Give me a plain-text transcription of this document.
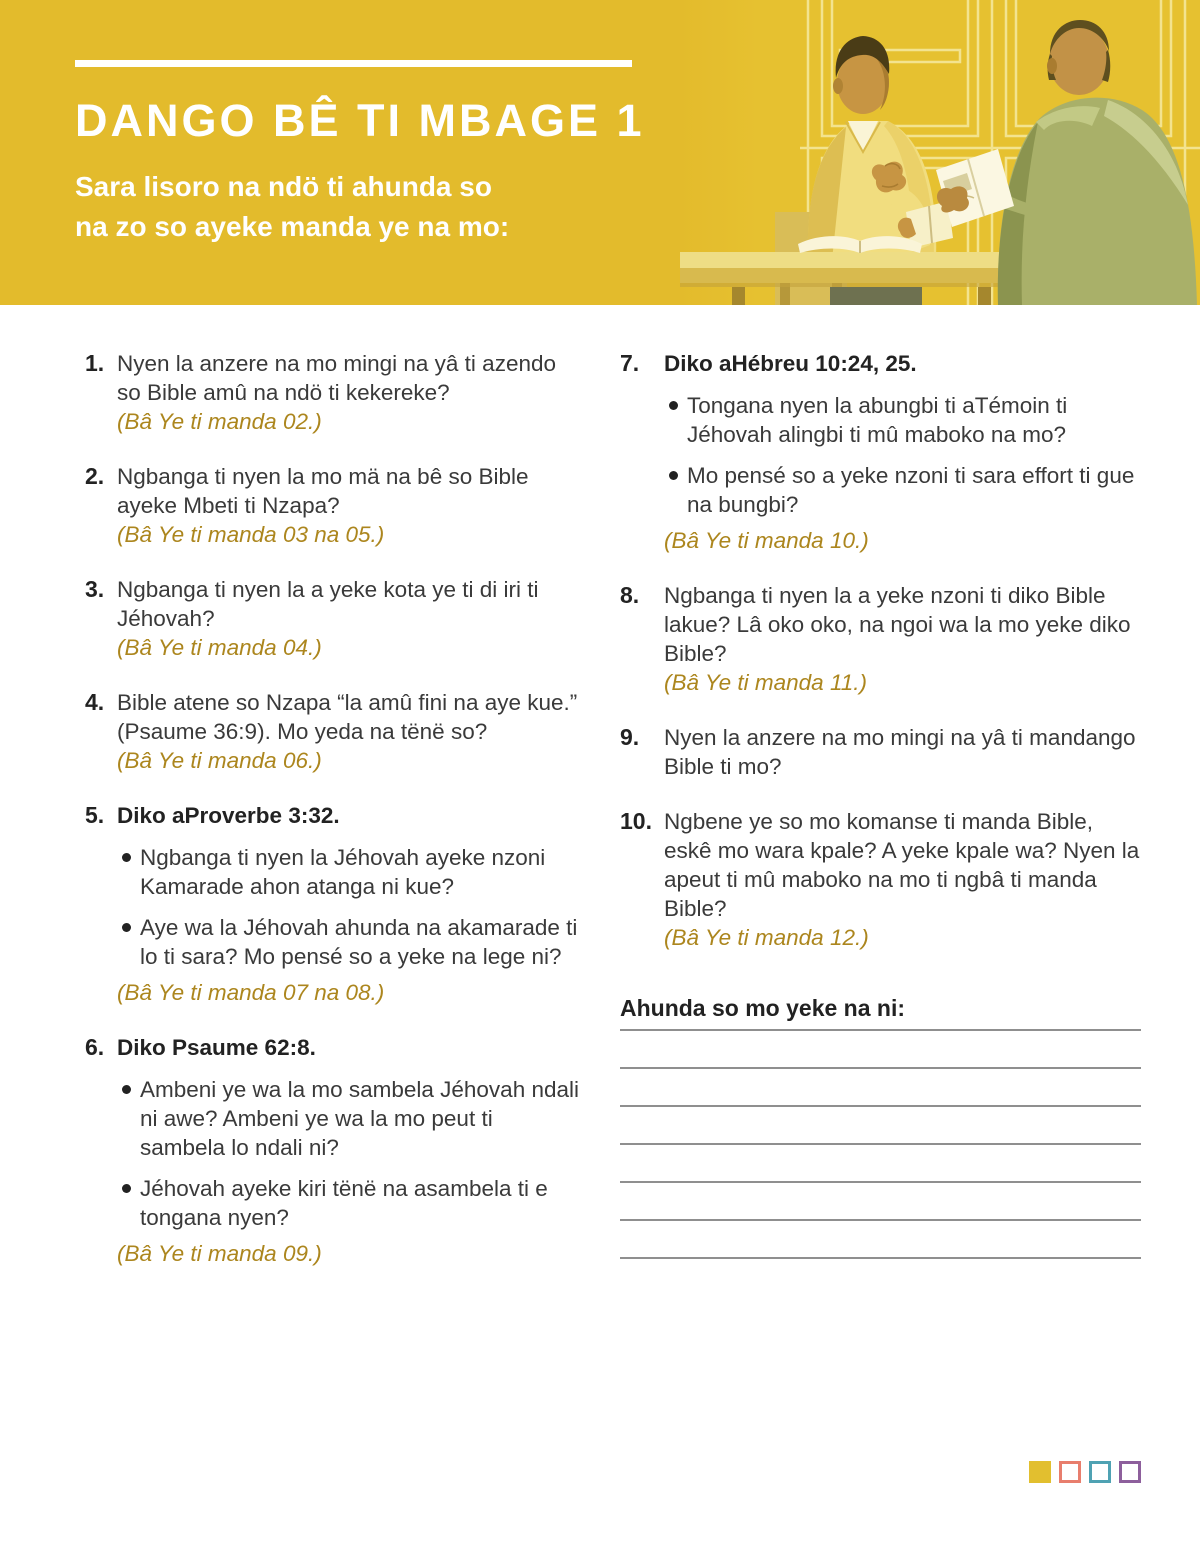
DANGO BÊ TI MBAGE 1

Sara lisoro na ndö ti ahunda so
na zo so ayeke manda ye na mo:

1. Nyen la anzere na mo mingi na yâ ti azendo so Bible amû na ndö ti kekereke?

(Bâ Ye ti manda 02.)

2. Ngbanga ti nyen la mo mä na bê so Bible ayeke Mbeti ti Nzapa?

(Bâ Ye ti manda 03 na 05.)

3. Ngbanga ti nyen la a yeke kota ye ti di iri ti Jéhovah?

(Bâ Ye ti manda 04.)

4. Bible atene so Nzapa “la amû fini na aye kue.” (Psaume 36:9). Mo yeda na tënë so?

(Bâ Ye ti manda 06.)

5. Diko aProverbe 3:32.

Ngbanga ti nyen la Jéhovah ayeke nzoni Kamarade ahon atanga ni kue?
Aye wa la Jéhovah ahunda na akamarade ti lo ti sara? Mo pensé so a yeke na lege ni?

(Bâ Ye ti manda 07 na 08.)

6. Diko Psaume 62:8.

Ambeni ye wa la mo sambela Jéhovah ndali ni awe? Ambeni ye wa la mo peut ti sambela lo ndali ni?
Jéhovah ayeke kiri tënë na asambela ti e tongana nyen?

(Bâ Ye ti manda 09.)

7.	Diko aHébreu 10:24, 25.

Tongana nyen la abungbi ti aTémoin ti Jéhovah alingbi ti mû maboko na mo?
Mo pensé so a yeke nzoni ti sara effort ti gue na bungbi?

(Bâ Ye ti manda 10.)

8.	Ngbanga ti nyen la a yeke nzoni ti diko Bible lakue? Lâ oko oko, na ngoi wa la mo yeke diko Bible?

(Bâ Ye ti manda 11.)

9.	Nyen la anzere na mo mingi na yâ ti mandango Bible ti mo?

10. Ngbene ye so mo komanse ti manda Bible, eskê mo wara kpale? A yeke kpale wa? Nyen la apeut ti mû maboko na mo ti ngbâ ti manda Bible?

(Bâ Ye ti manda 12.)

Ahunda so mo yeke na ni:
